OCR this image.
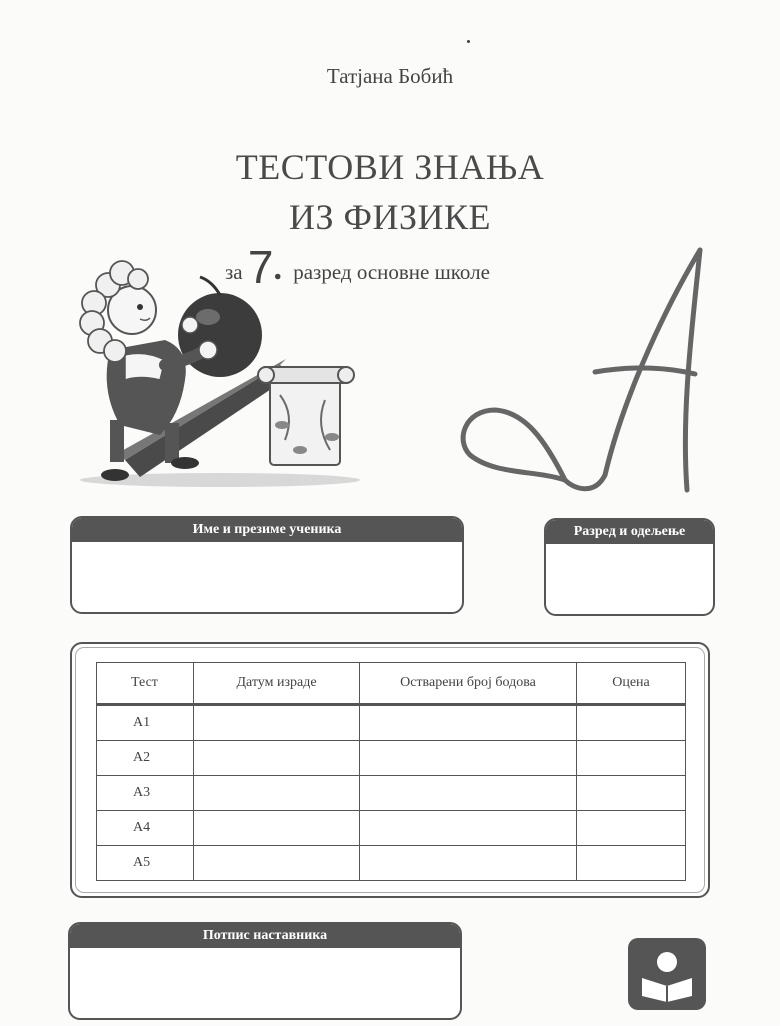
Татјана Бобић
ТЕСТОВИ ЗНАЊА
ИЗ ФИЗИКЕ
за 7. разред основне школе
A
Име и презиме ученика	Разред и одељење
Тест	Датум израде	Остварени број бодова	Оцена
А1			
А2			
А3			
А4			
А5			
Потпис наставника
